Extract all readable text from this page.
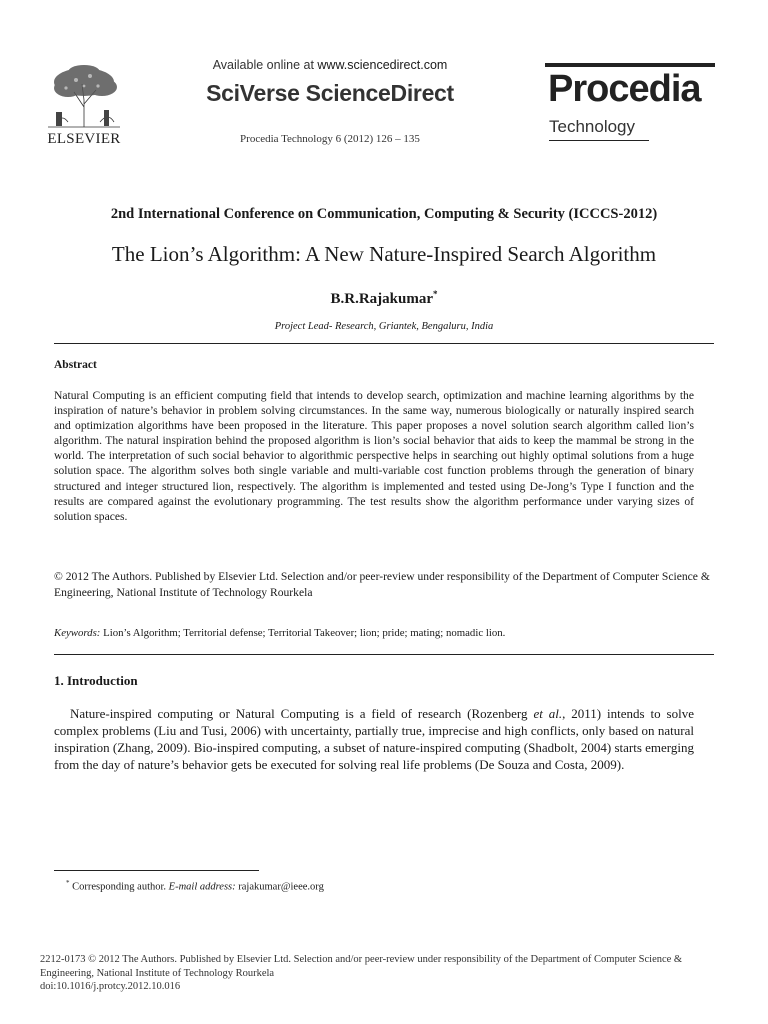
ELSEVIER
Available online at www.sciencedirect.com
SciVerse ScienceDirect
Procedia Technology 6 (2012) 126 – 135
Procedia
Technology
2nd International Conference on Communication, Computing & Security (ICCCS-2012)
The Lion’s Algorithm: A New Nature-Inspired Search Algorithm
B.R.Rajakumar*
Project Lead- Research, Griantek, Bengaluru, India
Abstract
Natural Computing is an efficient computing field that intends to develop search, optimization and machine learning algorithms by the inspiration of nature’s behavior in problem solving circumstances. In the same way, numerous biologically or naturally inspired search and optimization algorithms have been proposed in the literature. This paper proposes a novel solution search algorithm called lion’s algorithm. The natural inspiration behind the proposed algorithm is lion’s social behavior that aids to keep the mammal be strong in the world. The interpretation of such social behavior to algorithmic perspective helps in searching out highly optimal solutions from a huge solution space. The algorithm solves both single variable and multi-variable cost function problems through the generation of binary structured and integer structured lion, respectively. The algorithm is implemented and tested using De-Jong’s Type I function and the results are compared against the evolutionary programming. The test results show the algorithm performance under varying sizes of solution spaces.
© 2012 The Authors. Published by Elsevier Ltd. Selection and/or peer-review under responsibility of the Department of Computer Science & Engineering, National Institute of Technology Rourkela
Keywords: Lion’s Algorithm; Territorial defense; Territorial Takeover; lion; pride; mating; nomadic lion.
1. Introduction
Nature-inspired computing or Natural Computing is a field of research (Rozenberg et al., 2011) intends to solve complex problems (Liu and Tusi, 2006) with uncertainty, partially true, imprecise and high conflicts, only based on natural inspiration (Zhang, 2009). Bio-inspired computing, a subset of nature-inspired computing (Shadbolt, 2004) starts emerging from the day of nature’s behavior gets be executed for solving real life problems (De Souza and Costa, 2009).
* Corresponding author. E-mail address: rajakumar@ieee.org
2212-0173 © 2012 The Authors. Published by Elsevier Ltd. Selection and/or peer-review under responsibility of the Department of Computer Science & Engineering, National Institute of Technology Rourkela
doi:10.1016/j.protcy.2012.10.016
